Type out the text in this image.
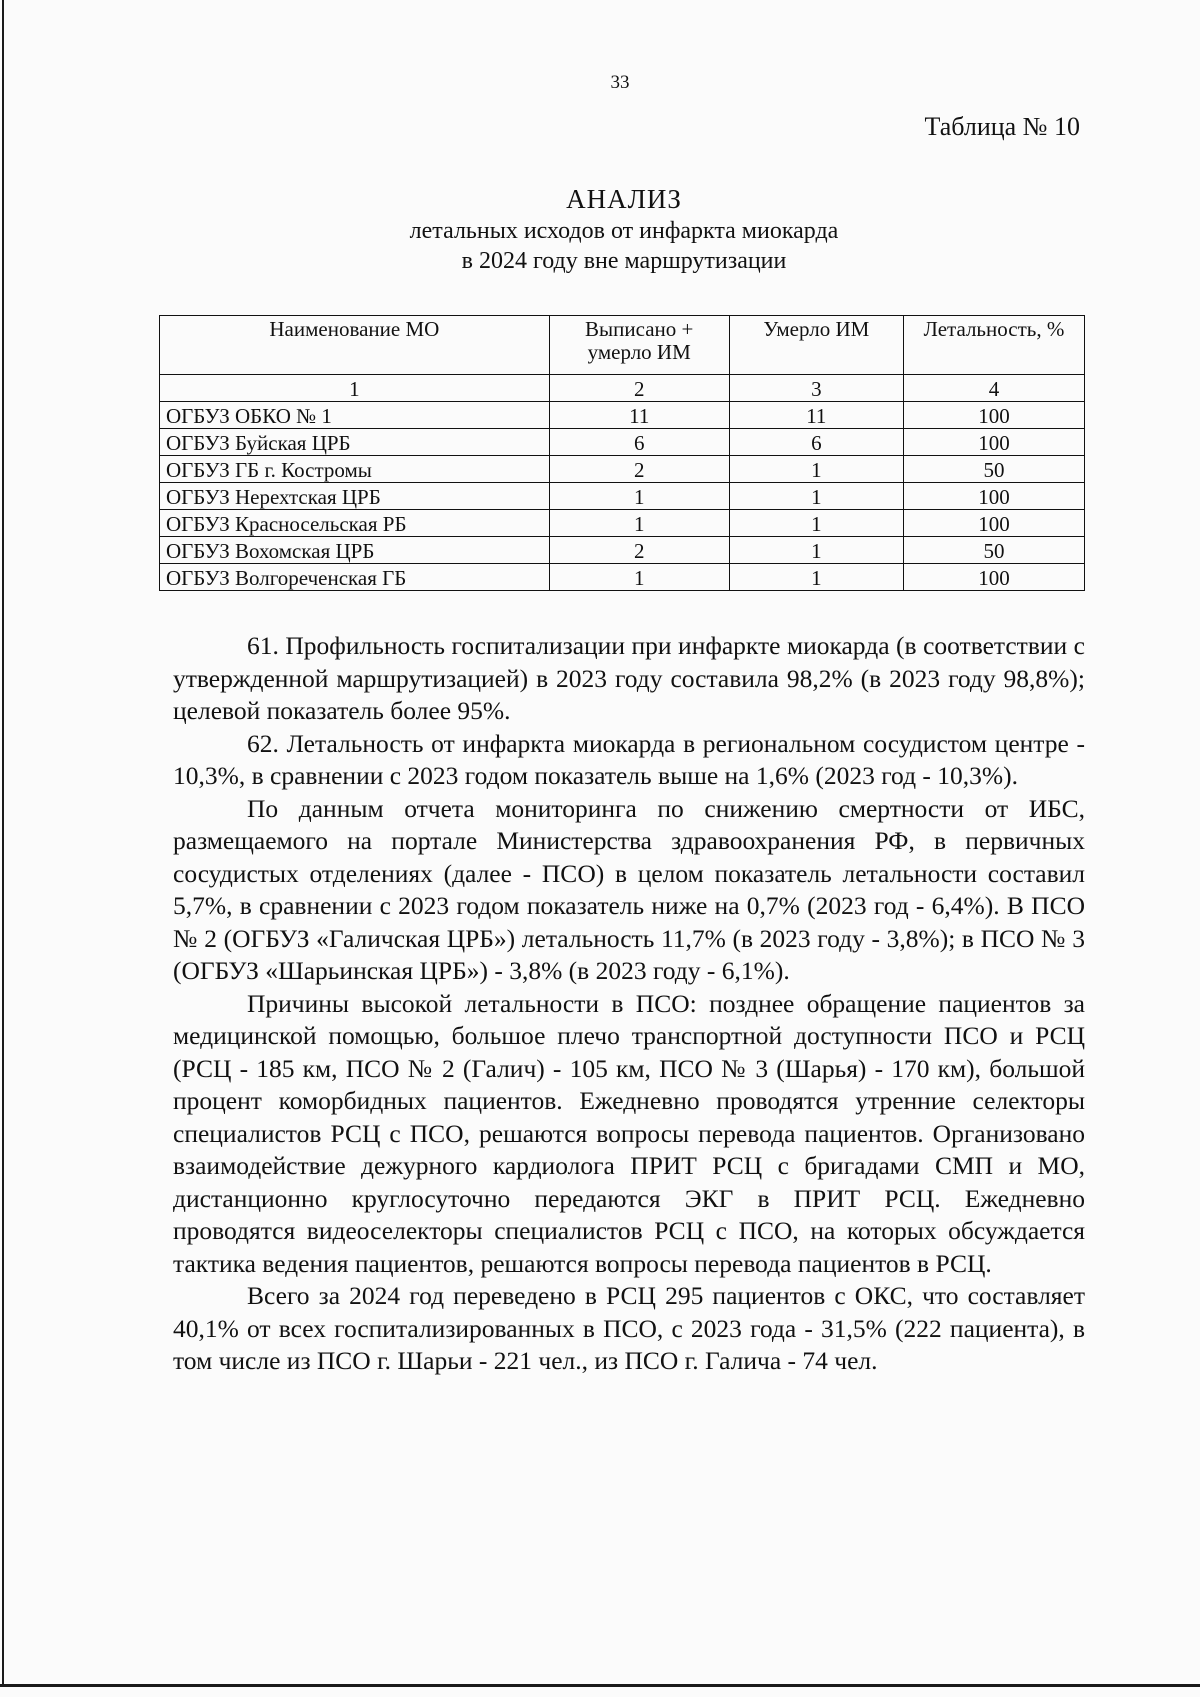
33
Таблица № 10
АНАЛИЗ
летальных исходов от инфаркта миокарда
в 2024 году вне маршрутизации
Наименование МО	Выписано + умерло ИМ	Умерло ИМ	Летальность, %
1	2	3	4
ОГБУЗ ОБКО № 1	11	11	100
ОГБУЗ Буйская ЦРБ	6	6	100
ОГБУЗ ГБ г. Костромы	2	1	50
ОГБУЗ Нерехтская ЦРБ	1	1	100
ОГБУЗ Красносельская РБ	1	1	100
ОГБУЗ Вохомская ЦРБ	2	1	50
ОГБУЗ Волгореченская ГБ	1	1	100

61. Профильность госпитализации при инфаркте миокарда (в соответствии с утвержденной маршрутизацией) в 2023 году составила 98,2% (в 2023 году 98,8%); целевой показатель более 95%.

62. Летальность от инфаркта миокарда в региональном сосудистом центре - 10,3%, в сравнении с 2023 годом показатель выше на 1,6% (2023 год - 10,3%).

По данным отчета мониторинга по снижению смертности от ИБС, размещаемого на портале Министерства здравоохранения РФ, в первичных сосудистых отделениях (далее - ПСО) в целом показатель летальности составил 5,7%, в сравнении с 2023 годом показатель ниже на 0,7% (2023 год - 6,4%). В ПСО № 2 (ОГБУЗ «Галичская ЦРБ») летальность 11,7% (в 2023 году - 3,8%); в ПСО № 3 (ОГБУЗ «Шарьинская ЦРБ») - 3,8% (в 2023 году - 6,1%).

Причины высокой летальности в ПСО: позднее обращение пациентов за медицинской помощью, большое плечо транспортной доступности ПСО и РСЦ (РСЦ - 185 км, ПСО № 2 (Галич) - 105 км, ПСО № 3 (Шарья) - 170 км), большой процент коморбидных пациентов. Ежедневно проводятся утренние селекторы специалистов РСЦ с ПСО, решаются вопросы перевода пациентов. Организовано взаимодействие дежурного кардиолога ПРИТ РСЦ с бригадами СМП и МО, дистанционно круглосуточно передаются ЭКГ в ПРИТ РСЦ. Ежедневно проводятся видеоселекторы специалистов РСЦ с ПСО, на которых обсуждается тактика ведения пациентов, решаются вопросы перевода пациентов в РСЦ.

Всего за 2024 год переведено в РСЦ 295 пациентов с ОКС, что составляет 40,1% от всех госпитализированных в ПСО, с 2023 года - 31,5% (222 пациента), в том числе из ПСО г. Шарьи - 221 чел., из ПСО г. Галича - 74 чел.
